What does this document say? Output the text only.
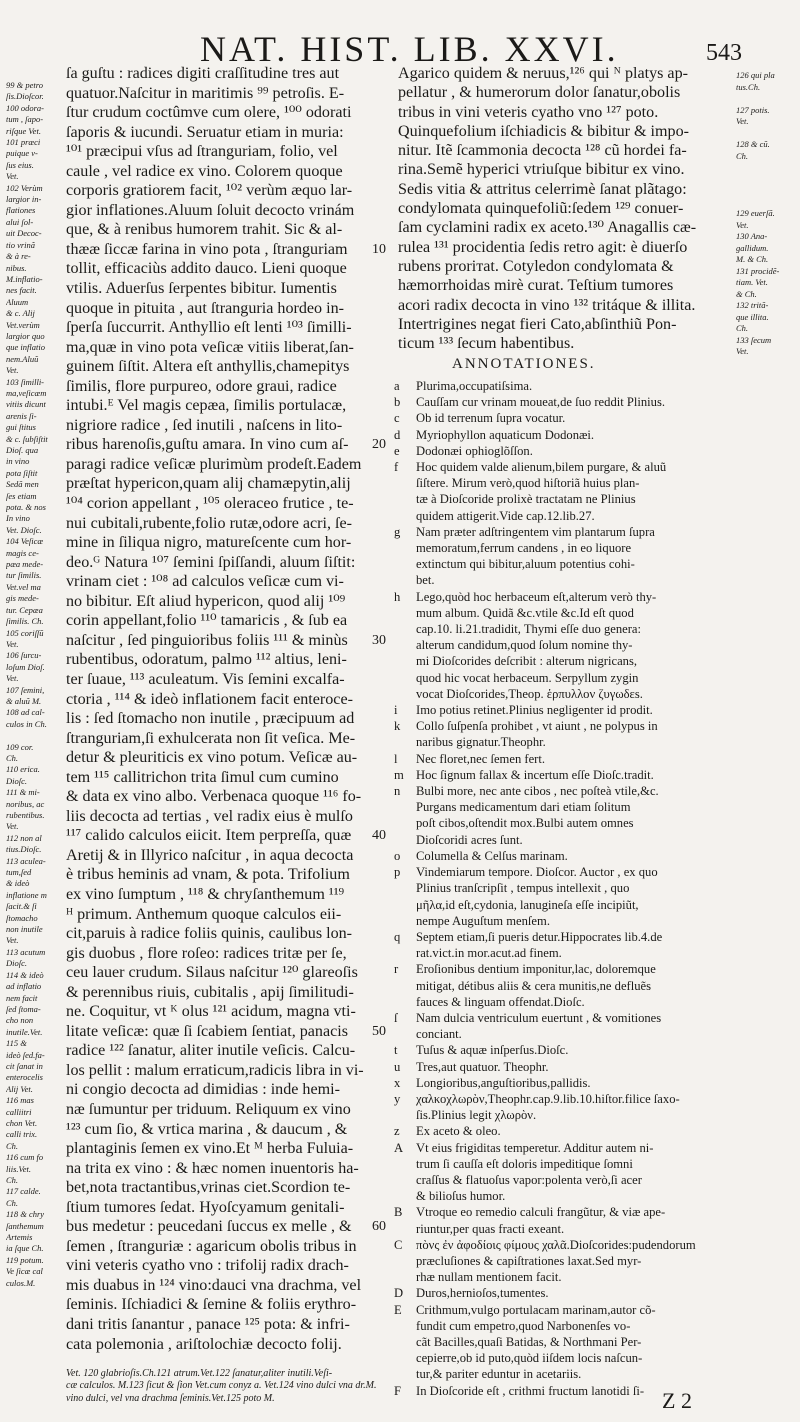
NAT. HIST. LIB. XXVI.	543
99 & petro
ſis.Dioſcor.
100 odora-
tum , ſapo-
riſque Vet.
101 præci
puique v-
ſus eius.
Vet.
102 Verùm
largior in-
flationes
alui ſol-
uit Decoc-
tio vrinã
& à re-
nibus.
M.inflatio-
nes facit.
Aluum
& c. Alij
Vet.verùm
largior quo
que inflatio
nem.Aluũ
Vet.
103 ſimilli-
ma,veſicæm
vitiis dicunt
arenis ſi-
gui ſtitus
& c. ſubſiſtit
Dioſ. qua
in vino
pota ſiſtit
Sedã men
ſes etiam
pota. & nos
In vino
Vet. Dioſc.
104 Veſicæ
magis ce-
pæa mede-
tur ſimilis.
Vet.vel ma
gis mede-
tur. Cepæa
ſimilis. Ch.
105 coriſſũ
Vet.
106 ſurcu-
loſum Dioſ.
Vet.
107 ſemini,
& aluũ M.
108 ad cal-
culos in Ch.

109 cor.
Ch.
110 erica.
Dioſc.
111 & mi-
noribus, ac
rubentibus.
Vet.
112 non al
tius.Dioſc.
113 aculea-
tum,ſed
& ideò
inflatione m
ſacit.& ſi
ſtomacho
non inutile
Vet.
113 acutum
Dioſc.
114 & ideò
ad inflatio
nem facit
ſed ſtoma-
cho non
inutile.Vet.
115 &
ideò ſed.fa-
cit ſanat in
enterocelis
Alij Vet.
116 mas
calliitri
chon Vet.
calli trix.
Ch.
116 cum fo
liis.Vet.
Ch.
117 calde.
Ch.
118 & chry
ſanthemum
Artemis
ia ſque Ch.
119 potum.
Ve ſicæ cal
culos.M.
ſa guſtu : radices digiti craſſitudine tres aut
quatuor.Naſcitur in maritimis ⁹⁹ petroſis. E-
ſtur crudum coctûmve cum olere, ¹⁰⁰ odorati
ſaporis & iucundi. Seruatur etiam in muria:
¹⁰¹ præcipui vſus ad ſtranguriam, folio, vel
caule , vel radice ex vino. Colorem quoque
corporis gratiorem facit, ¹⁰² verùm æquo lar-
gior inflationes.Aluum ſoluit decocto vrinám
que, & à renibus humorem trahit. Sic & al-
thææ ſiccæ farina in vino pota , ſtranguriam
tollit, efficaciùs addito dauco. Lieni quoque
vtilis. Aduerſus ſerpentes bibitur. Iumentis
quoque in pituita , aut ſtranguria hordeo in-
ſperſa ſuccurrit. Anthyllio eſt lenti ¹⁰³ ſimilli-
ma,quæ in vino pota veſicæ vitiis liberat,ſan-
guinem ſiſtit. Altera eſt anthyllis,chamepitys
ſimilis, flore purpureo, odore graui, radice
intubi.ᴱ Vel magis cepæa, ſimilis portulacæ,
nigriore radice , ſed inutili , naſcens in lito-
ribus harenoſis,guſtu amara. In vino cum aſ-
paragi radice veſicæ plurimùm prodeſt.Eadem
præſtat hypericon,quam alij chamæpytin,alij
¹⁰⁴ corion appellant , ¹⁰⁵ oleraceo frutice , te-
nui cubitali,rubente,folio rutæ,odore acri, ſe-
mine in ſiliqua nigro, matureſcente cum hor-
deo.ᴳ Natura ¹⁰⁷ ſemini ſpiſſandi, aluum ſiſtit:
vrinam ciet : ¹⁰⁸ ad calculos veſicæ cum vi-
no bibitur. Eſt aliud hypericon, quod alij ¹⁰⁹
corin appellant,folio ¹¹⁰ tamaricis , & ſub ea
naſcitur , ſed pinguioribus foliis ¹¹¹ & minùs
rubentibus, odoratum, palmo ¹¹² altius, leni-
ter ſuaue, ¹¹³ aculeatum. Vis ſemini excalfa-
ctoria , ¹¹⁴ & ideò inflationem facit enteroce-
lis : ſed ſtomacho non inutile , præcipuum ad
ſtranguriam,ſi exhulcerata non ſit veſica. Me-
detur & pleuriticis ex vino potum. Veſicæ au-
tem ¹¹⁵ callitrichon trita ſimul cum cumino
& data ex vino albo. Verbenaca quoque ¹¹⁶ fo-
liis decocta ad tertias , vel radix eius è mulſo
¹¹⁷ calido calculos eiicit. Item perpreſſa, quæ
Aretij & in Illyrico naſcitur , in aqua decocta
è tribus heminis ad vnam, & pota. Trifolium
ex vino ſumptum , ¹¹⁸ & chryſanthemum ¹¹⁹
ᴴ primum. Anthemum quoque calculos eii-
cit,paruis à radice foliis quinis, caulibus lon-
gis duobus , flore roſeo: radices tritæ per ſe,
ceu lauer crudum. Silaus naſcitur ¹²⁰ glareoſis
& perennibus riuis, cubitalis , apij ſimilitudi-
ne. Coquitur, vt ᴷ olus ¹²¹ acidum, magna vti-
litate veſicæ: quæ ſi ſcabiem ſentiat, panacis
radice ¹²² ſanatur, aliter inutile veſicis. Calcu-
los pellit : malum erraticum,radicis libra in vi-
ni congio decocta ad dimidias : inde hemi-
næ ſumuntur per triduum. Reliquum ex vino
¹²³ cum ſio, & vrtica marina , & daucum , &
plantaginis ſemen ex vino.Et ᴹ herba Fuluia-
na trita ex vino : & hæc nomen inuentoris ha-
bet,nota tractantibus,vrinas ciet.Scordion te-
ſtium tumores ſedat. Hyoſcyamum genitali-
bus medetur : peucedani ſuccus ex melle , &
ſemen , ſtranguriæ : agaricum obolis tribus in
vini veteris cyatho vno : trifolij radix drach-
mis duabus in ¹²⁴ vino:dauci vna drachma, vel
ſeminis. Iſchiadici & ſemine & foliis erythro-
dani tritis ſanantur , panace ¹²⁵ pota: & infri-
cata polemonia , ariſtolochiæ decocto folij.
10
20
30
40
50
60
Agarico quidem & neruus,¹²⁶ qui ᴺ platys ap-
pellatur , & humerorum dolor ſanatur,obolis
tribus in vini veteris cyatho vno ¹²⁷ poto.
Quinquefolium iſchiadicis & bibitur & impo-
nitur. Itẽ ſcammonia decocta ¹²⁸ cũ hordei fa-
rina.Semẽ hyperici vtriuſque bibitur ex vino.
Sedis vitia & attritus celerrimè ſanat plãtago:
condylomata quinquefoliũ:ſedem ¹²⁹ conuer-
ſam cyclamini radix ex aceto.¹³⁰ Anagallis cæ-
rulea ¹³¹ procidentia ſedis retro agit: è diuerſo
rubens prorітat. Cotyledon condylomata &
hæmorrhoidas mirè curat. Teſtium tumores
acori radix decocta in vino ¹³² tritáque & illita.
Intertrigines negat fieri Cato,abſinthiũ Pon-
ticum ¹³³ ſecum habentibus.
126 qui pla
tus.Ch.

127 potis.
Vet.

128 & cũ.
Ch.

129 euerſã.
Vet.
130 Ana-
gallidum.
M. & Ch.
131 procidẽ-
tiam. Vet.
& Ch.
132 tritã-
que illita.
Ch.
133 ſecum
Vet.
ANNOTATIONES.
a Plurima,occupatiſsima.
b Cauſſam cur vrinam moueat,de ſuo reddit Plinius.
c Ob id terrenum ſupra vocatur.
d Myriophyllon aquaticum Dodonæi.
e Dodonæi ophioglõſſon.
f Hoc quidem valde alienum,bilem purgare, & aluũ
ſiſtere. Mirum verò,quod hiſtoriã huius plan-
tæ à Dioſcoride prolixè tractatam ne Plinius
quidem attigerit.Vide cap.12.lib.27.
g Nam præter adſtringentem vim plantarum ſupra
memoratum,ferrum candens , in eo liquore
extinctum qui bibitur,aluum potentius cohi-
bet.
h Lego,quòd hoc herbaceum eſt,alterum verò thy-
mum album. Quidã &c.vtile &c.Id eſt quod
cap.10. li.21.tradidit, Thymi eſſe duo genera:
alterum candidum,quod ſolum nomine thy-
mi Dioſcorides deſcribit : alterum nigricans,
quod hic vocat herbaceum. Serpyllum zygin
vocat Dioſcorides,Theop. ἑρπυλλον ζυγωδεs.
i Imo potius retinet.Plinius negligenter id prodit.
k Collo ſuſpenſa prohibet , vt aiunt , ne polypus in
naribus gignatur.Theophr.
l Nec floret,nec ſemen fert.
m Hoc ſignum fallax & incertum eſſe Dioſc.tradit.
n Bulbi more, nec ante cibos , nec poſteà vtile,&c.
Purgans medicamentum dari etiam ſolitum
poſt cibos,oſtendit mox.Bulbi autem omnes
Dioſcoridi acres ſunt.
o Columella & Celſus marinam.
p Vindemiarum tempore. Dioſcor. Auctor , ex quo
Plinius tranſcripſit , tempus intellexit , quo
μῆλα,id eſt,cydonia, lanugineſa eſſe incipiũt,
nempe Auguſtum menſem.
q Septem etiam,ſi pueris detur.Hippocrates lib.4.de
rat.vict.in mor.acut.ad finem.
r Eroſionibus dentium imponitur,lac, doloremque
mitigat, détibus aliis & cera munitis,ne defluẽs
fauces & linguam offendat.Dioſc.
ſ Nam dulcia ventriculum euertunt , & vomitiones
conciant.
t Tuſus & aquæ inſperſus.Dioſc.
u Tres,aut quatuor. Theophr.
x Longioribus,anguſtioribus,pallidis.
y χαλκοχλωρὸν,Theophr.cap.9.lib.10.hiſtor.filice ſaxo-
ſis.Plinius legit χλωρὸν.
z Ex aceto & oleo.
A Vt eius frigiditas temperetur. Additur autem ni-
trum ſi cauſſa eſt doloris impeditique ſomni
craſſus & flatuoſus vapor:polenta verò,ſi acer
& bilioſus humor.
B Vtroque eo remedio calculi frangũtur, & viæ ape-
riuntur,per quas fracti exeant.
C πὸνς ἐν ἀφοδίοις φίμους χαλᾶ.Dioſcorides:pudendorum
præcluſiones & capiſtrationes laxat.Sed myr-
rhæ nullam mentionem facit.
D Duros,hernioſos,tumentes.
E Crithmum,vulgo portulacam marinam,autor cõ-
fundit cum empetro,quod Narbonenſes vo-
cãt Bacilles,quaſi Batidas, & Northmani Per-
cepierre,ob id puto,quòd iiſdem locis naſcun-
tur,& pariter eduntur in acetariis.
F In Dioſcoride eſt , crithmi fructum lanotidi ſi-
Vet. 120 glabrioſis.Ch.121 atrum.Vet.122 ſanatur,aliter inutili.Veſi-
cæ calculos. M.123 ſicut & ſion Vet.cum conyz a. Vet.124 vino dulci vna dr.M.
vino dulci, vel vna drachma ſeminis.Vet.125 poto M.	Z 2
